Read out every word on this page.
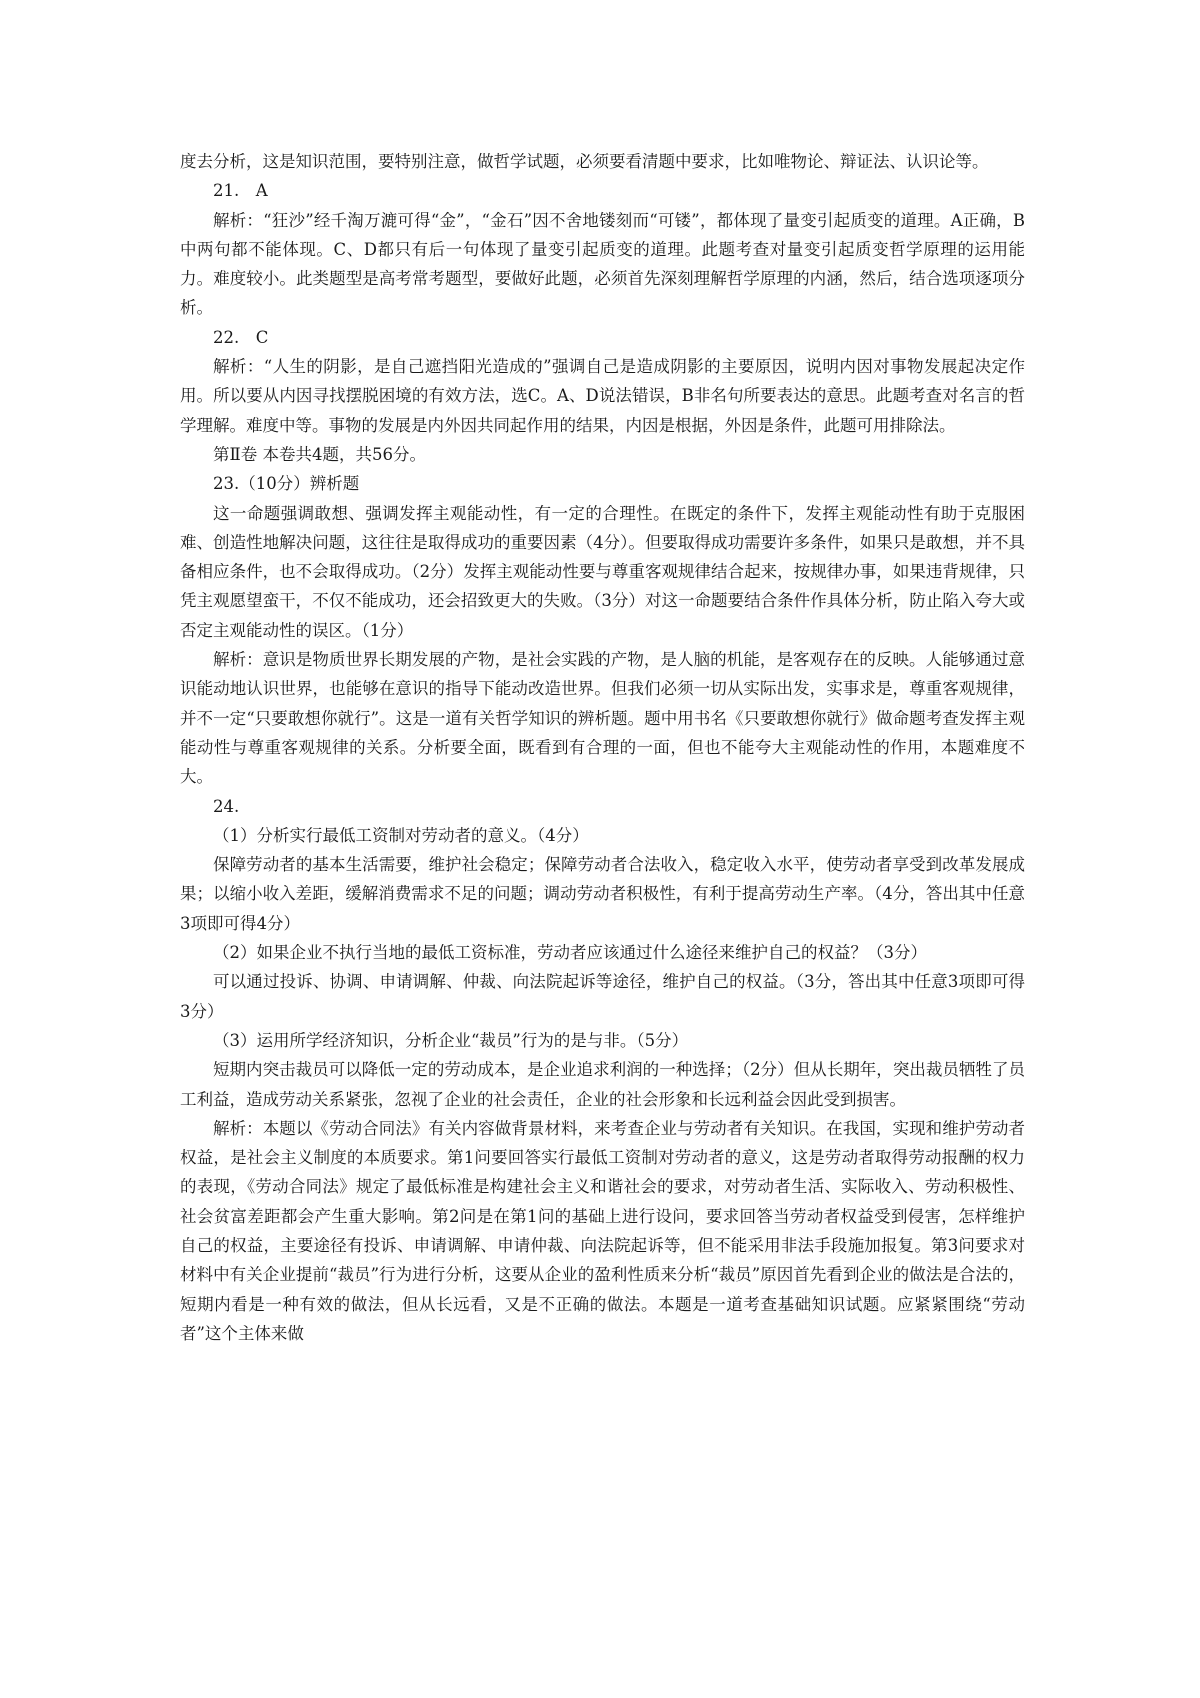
度去分析，这是知识范围，要特别注意，做哲学试题，必须要看清题中要求，比如唯物论、辩证法、认识论等。

21.　A

解析：“狂沙”经千淘万漉可得“金”，“金石”因不舍地镂刻而“可镂”，都体现了量变引起质变的道理。A正确，B中两句都不能体现。C、D都只有后一句体现了量变引起质变的道理。此题考查对量变引起质变哲学原理的运用能力。难度较小。此类题型是高考常考题型，要做好此题，必须首先深刻理解哲学原理的内涵，然后，结合选项逐项分析。

22.　C

解析：“人生的阴影，是自己遮挡阳光造成的”强调自己是造成阴影的主要原因，说明内因对事物发展起决定作用。所以要从内因寻找摆脱困境的有效方法，选C。A、D说法错误，B非名句所要表达的意思。此题考查对名言的哲学理解。难度中等。事物的发展是内外因共同起作用的结果，内因是根据，外因是条件，此题可用排除法。

第Ⅱ卷 本卷共4题，共56分。

23.（10分）辨析题

这一命题强调敢想、强调发挥主观能动性，有一定的合理性。在既定的条件下，发挥主观能动性有助于克服困难、创造性地解决问题，这往往是取得成功的重要因素（4分）。但要取得成功需要许多条件，如果只是敢想，并不具备相应条件，也不会取得成功。（2分）发挥主观能动性要与尊重客观规律结合起来，按规律办事，如果违背规律，只凭主观愿望蛮干，不仅不能成功，还会招致更大的失败。（3分）对这一命题要结合条件作具体分析，防止陷入夸大或否定主观能动性的误区。（1分）

解析：意识是物质世界长期发展的产物，是社会实践的产物，是人脑的机能，是客观存在的反映。人能够通过意识能动地认识世界，也能够在意识的指导下能动改造世界。但我们必须一切从实际出发，实事求是，尊重客观规律，并不一定“只要敢想你就行”。这是一道有关哲学知识的辨析题。题中用书名《只要敢想你就行》做命题考查发挥主观能动性与尊重客观规律的关系。分析要全面，既看到有合理的一面，但也不能夸大主观能动性的作用，本题难度不大。

24.

（1）分析实行最低工资制对劳动者的意义。（4分）

保障劳动者的基本生活需要，维护社会稳定；保障劳动者合法收入，稳定收入水平，使劳动者享受到改革发展成果；以缩小收入差距，缓解消费需求不足的问题；调动劳动者积极性，有利于提高劳动生产率。（4分，答出其中任意3项即可得4分）

（2）如果企业不执行当地的最低工资标准，劳动者应该通过什么途径来维护自己的权益？（3分）

可以通过投诉、协调、申请调解、仲裁、向法院起诉等途径，维护自己的权益。（3分，答出其中任意3项即可得3分）

（3）运用所学经济知识，分析企业“裁员”行为的是与非。（5分）

短期内突击裁员可以降低一定的劳动成本，是企业追求利润的一种选择；（2分）但从长期年，突出裁员牺牲了员工利益，造成劳动关系紧张，忽视了企业的社会责任，企业的社会形象和长远利益会因此受到损害。

解析：本题以《劳动合同法》有关内容做背景材料，来考查企业与劳动者有关知识。在我国，实现和维护劳动者权益，是社会主义制度的本质要求。第1问要回答实行最低工资制对劳动者的意义，这是劳动者取得劳动报酬的权力的表现，《劳动合同法》规定了最低标准是构建社会主义和谐社会的要求，对劳动者生活、实际收入、劳动积极性、社会贫富差距都会产生重大影响。第2问是在第1问的基础上进行设问，要求回答当劳动者权益受到侵害，怎样维护自己的权益，主要途径有投诉、申请调解、申请仲裁、向法院起诉等，但不能采用非法手段施加报复。第3问要求对材料中有关企业提前“裁员”行为进行分析，这要从企业的盈利性质来分析“裁员”原因首先看到企业的做法是合法的，短期内看是一种有效的做法，但从长远看，又是不正确的做法。本题是一道考查基础知识试题。应紧紧围绕“劳动者”这个主体来做
